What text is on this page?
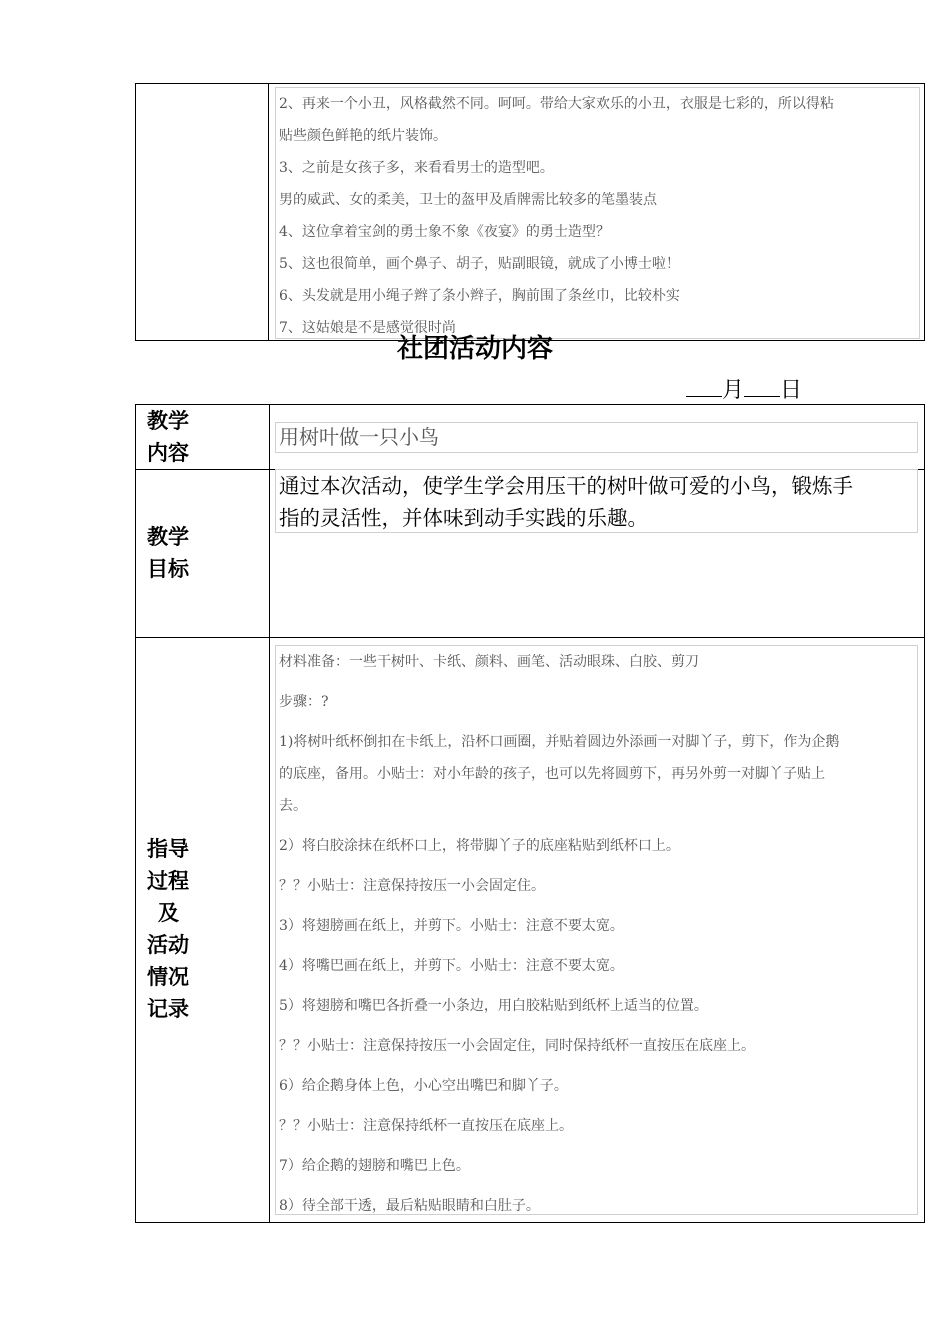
2、再来一个小丑，风格截然不同。呵呵。带给大家欢乐的小丑，衣服是七彩的，所以得粘

贴些颜色鲜艳的纸片装饰。

3、之前是女孩子多，来看看男士的造型吧。

男的威武、女的柔美，卫士的盔甲及盾牌需比较多的笔墨装点

4、这位拿着宝剑的勇士象不象《夜宴》的勇士造型？

5、这也很简单，画个鼻子、胡子，贴副眼镜，就成了小博士啦！

6、头发就是用小绳子辫了条小辫子，胸前围了条丝巾，比较朴实

7、这姑娘是不是感觉很时尚

社团活动内容
月 日
教学
内容
用树叶做一只小鸟
教学
目标
通过本次活动，使学生学会用压干的树叶做可爱的小鸟，锻炼手
指的灵活性，并体味到动手实践的乐趣。
指导
过程
及
活动
情况
记录

材料准备：一些干树叶、卡纸、颜料、画笔、活动眼珠、白胶、剪刀

步骤：?

1)将树叶纸杯倒扣在卡纸上，沿杯口画圈，并贴着圆边外添画一对脚丫子，剪下，作为企鹅

的底座，备用。小贴士：对小年龄的孩子，也可以先将圆剪下，再另外剪一对脚丫子贴上

去。

2）将白胶涂抹在纸杯口上，将带脚丫子的底座粘贴到纸杯口上。

？？小贴士：注意保持按压一小会固定住。

3）将翅膀画在纸上，并剪下。小贴士：注意不要太宽。

4）将嘴巴画在纸上，并剪下。小贴士：注意不要太宽。

5）将翅膀和嘴巴各折叠一小条边，用白胶粘贴到纸杯上适当的位置。

？？小贴士：注意保持按压一小会固定住，同时保持纸杯一直按压在底座上。

6）给企鹅身体上色，小心空出嘴巴和脚丫子。

？？小贴士：注意保持纸杯一直按压在底座上。

7）给企鹅的翅膀和嘴巴上色。

8）待全部干透，最后粘贴眼睛和白肚子。
